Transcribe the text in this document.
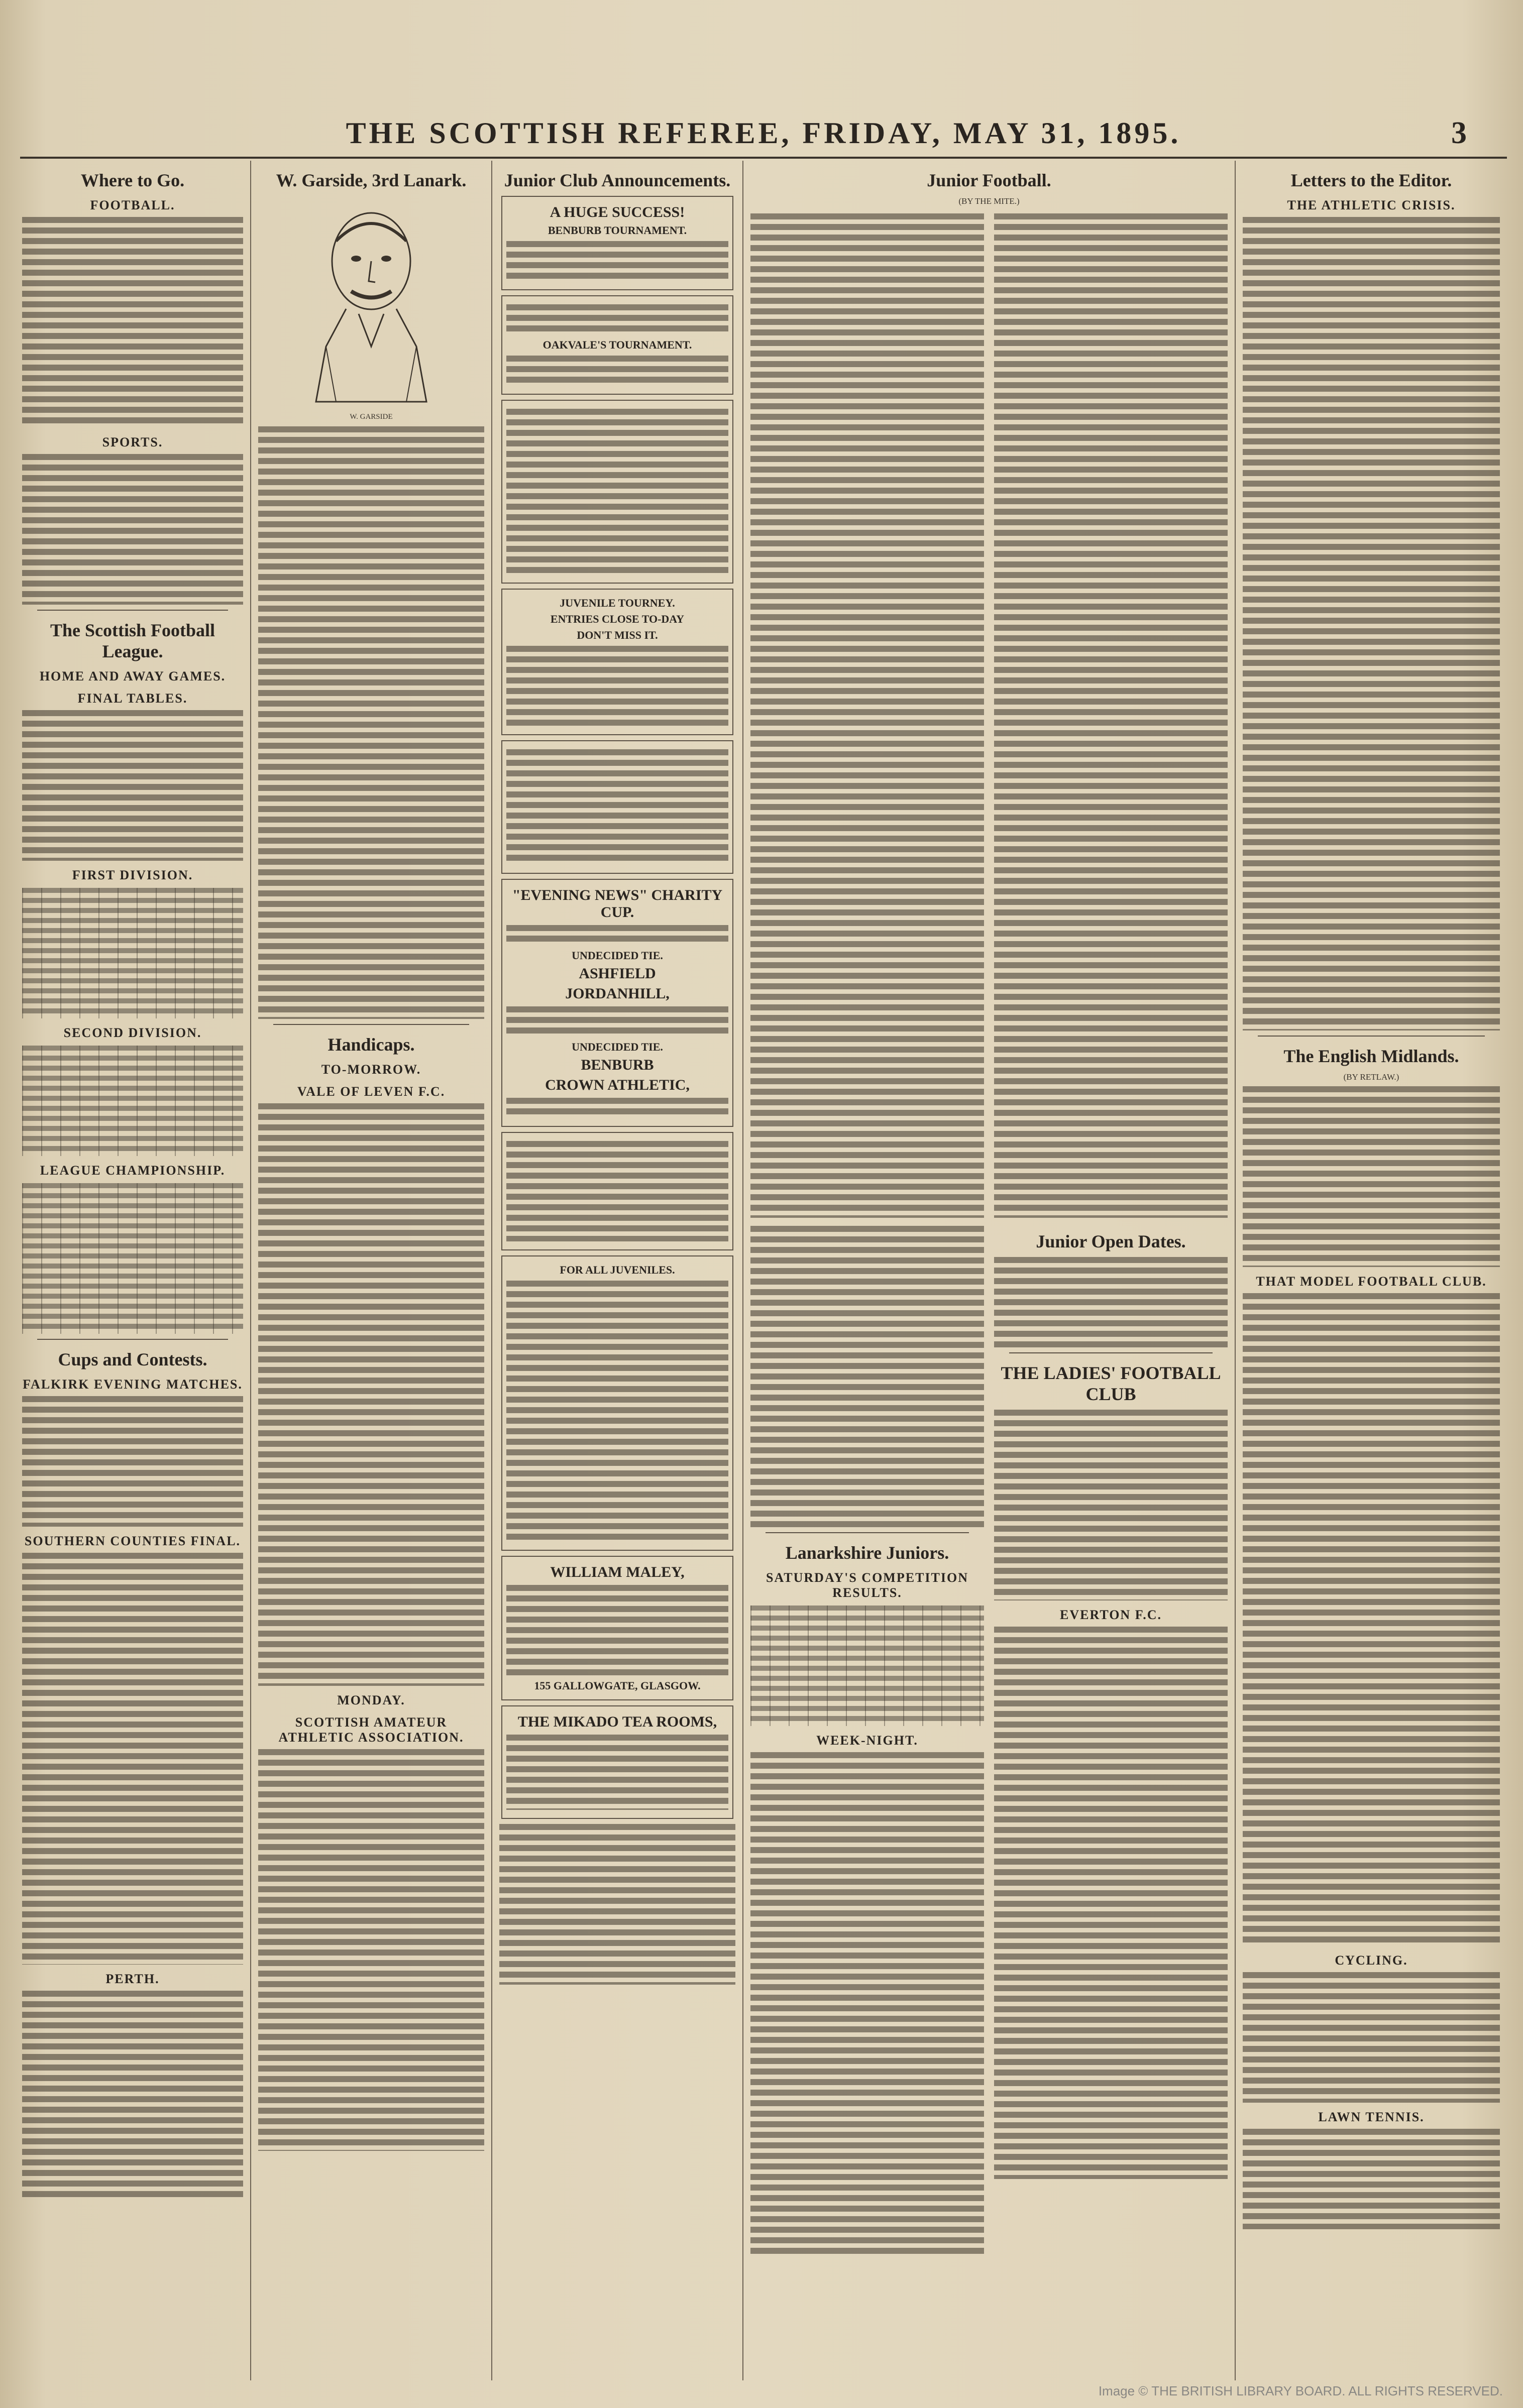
THE SCOTTISH REFEREE, FRIDAY, MAY 31, 1895.	3
Where to Go.
FOOTBALL.
SPORTS.
The Scottish Football League.
HOME AND AWAY GAMES.
FINAL TABLES.
FIRST DIVISION.
SECOND DIVISION.
LEAGUE CHAMPIONSHIP.
Cups and Contests.
FALKIRK EVENING MATCHES.
SOUTHERN COUNTIES FINAL.
PERTH.
W. Garside, 3rd Lanark.

W. GARSIDE

Handicaps.
TO-MORROW.
VALE OF LEVEN F.C.
MONDAY.
SCOTTISH AMATEUR ATHLETIC ASSOCIATION.
Junior Club Announcements.
A HUGE SUCCESS!
BENBURB TOURNAMENT.
OAKVALE'S TOURNAMENT.
JUVENILE TOURNEY.
ENTRIES CLOSE TO-DAY
DON'T MISS IT.
"EVENING NEWS" CHARITY CUP.
UNDECIDED TIE.
ASHFIELD
JORDANHILL,
UNDECIDED TIE.
BENBURB
CROWN ATHLETIC,
FOR ALL JUVENILES.
WILLIAM MALEY,
155 GALLOWGATE, GLASGOW.
THE MIKADO TEA ROOMS,
Junior Football.

(BY THE MITE.)

Lanarkshire Juniors.
SATURDAY'S COMPETITION RESULTS.
WEEK-NIGHT.
Junior Open Dates.
THE LADIES' FOOTBALL CLUB
EVERTON F.C.
Letters to the Editor.
THE ATHLETIC CRISIS.
The English Midlands.

(BY RETLAW.)

THAT MODEL FOOTBALL CLUB.
CYCLING.
LAWN TENNIS.
Image © THE BRITISH LIBRARY BOARD. ALL RIGHTS RESERVED.
